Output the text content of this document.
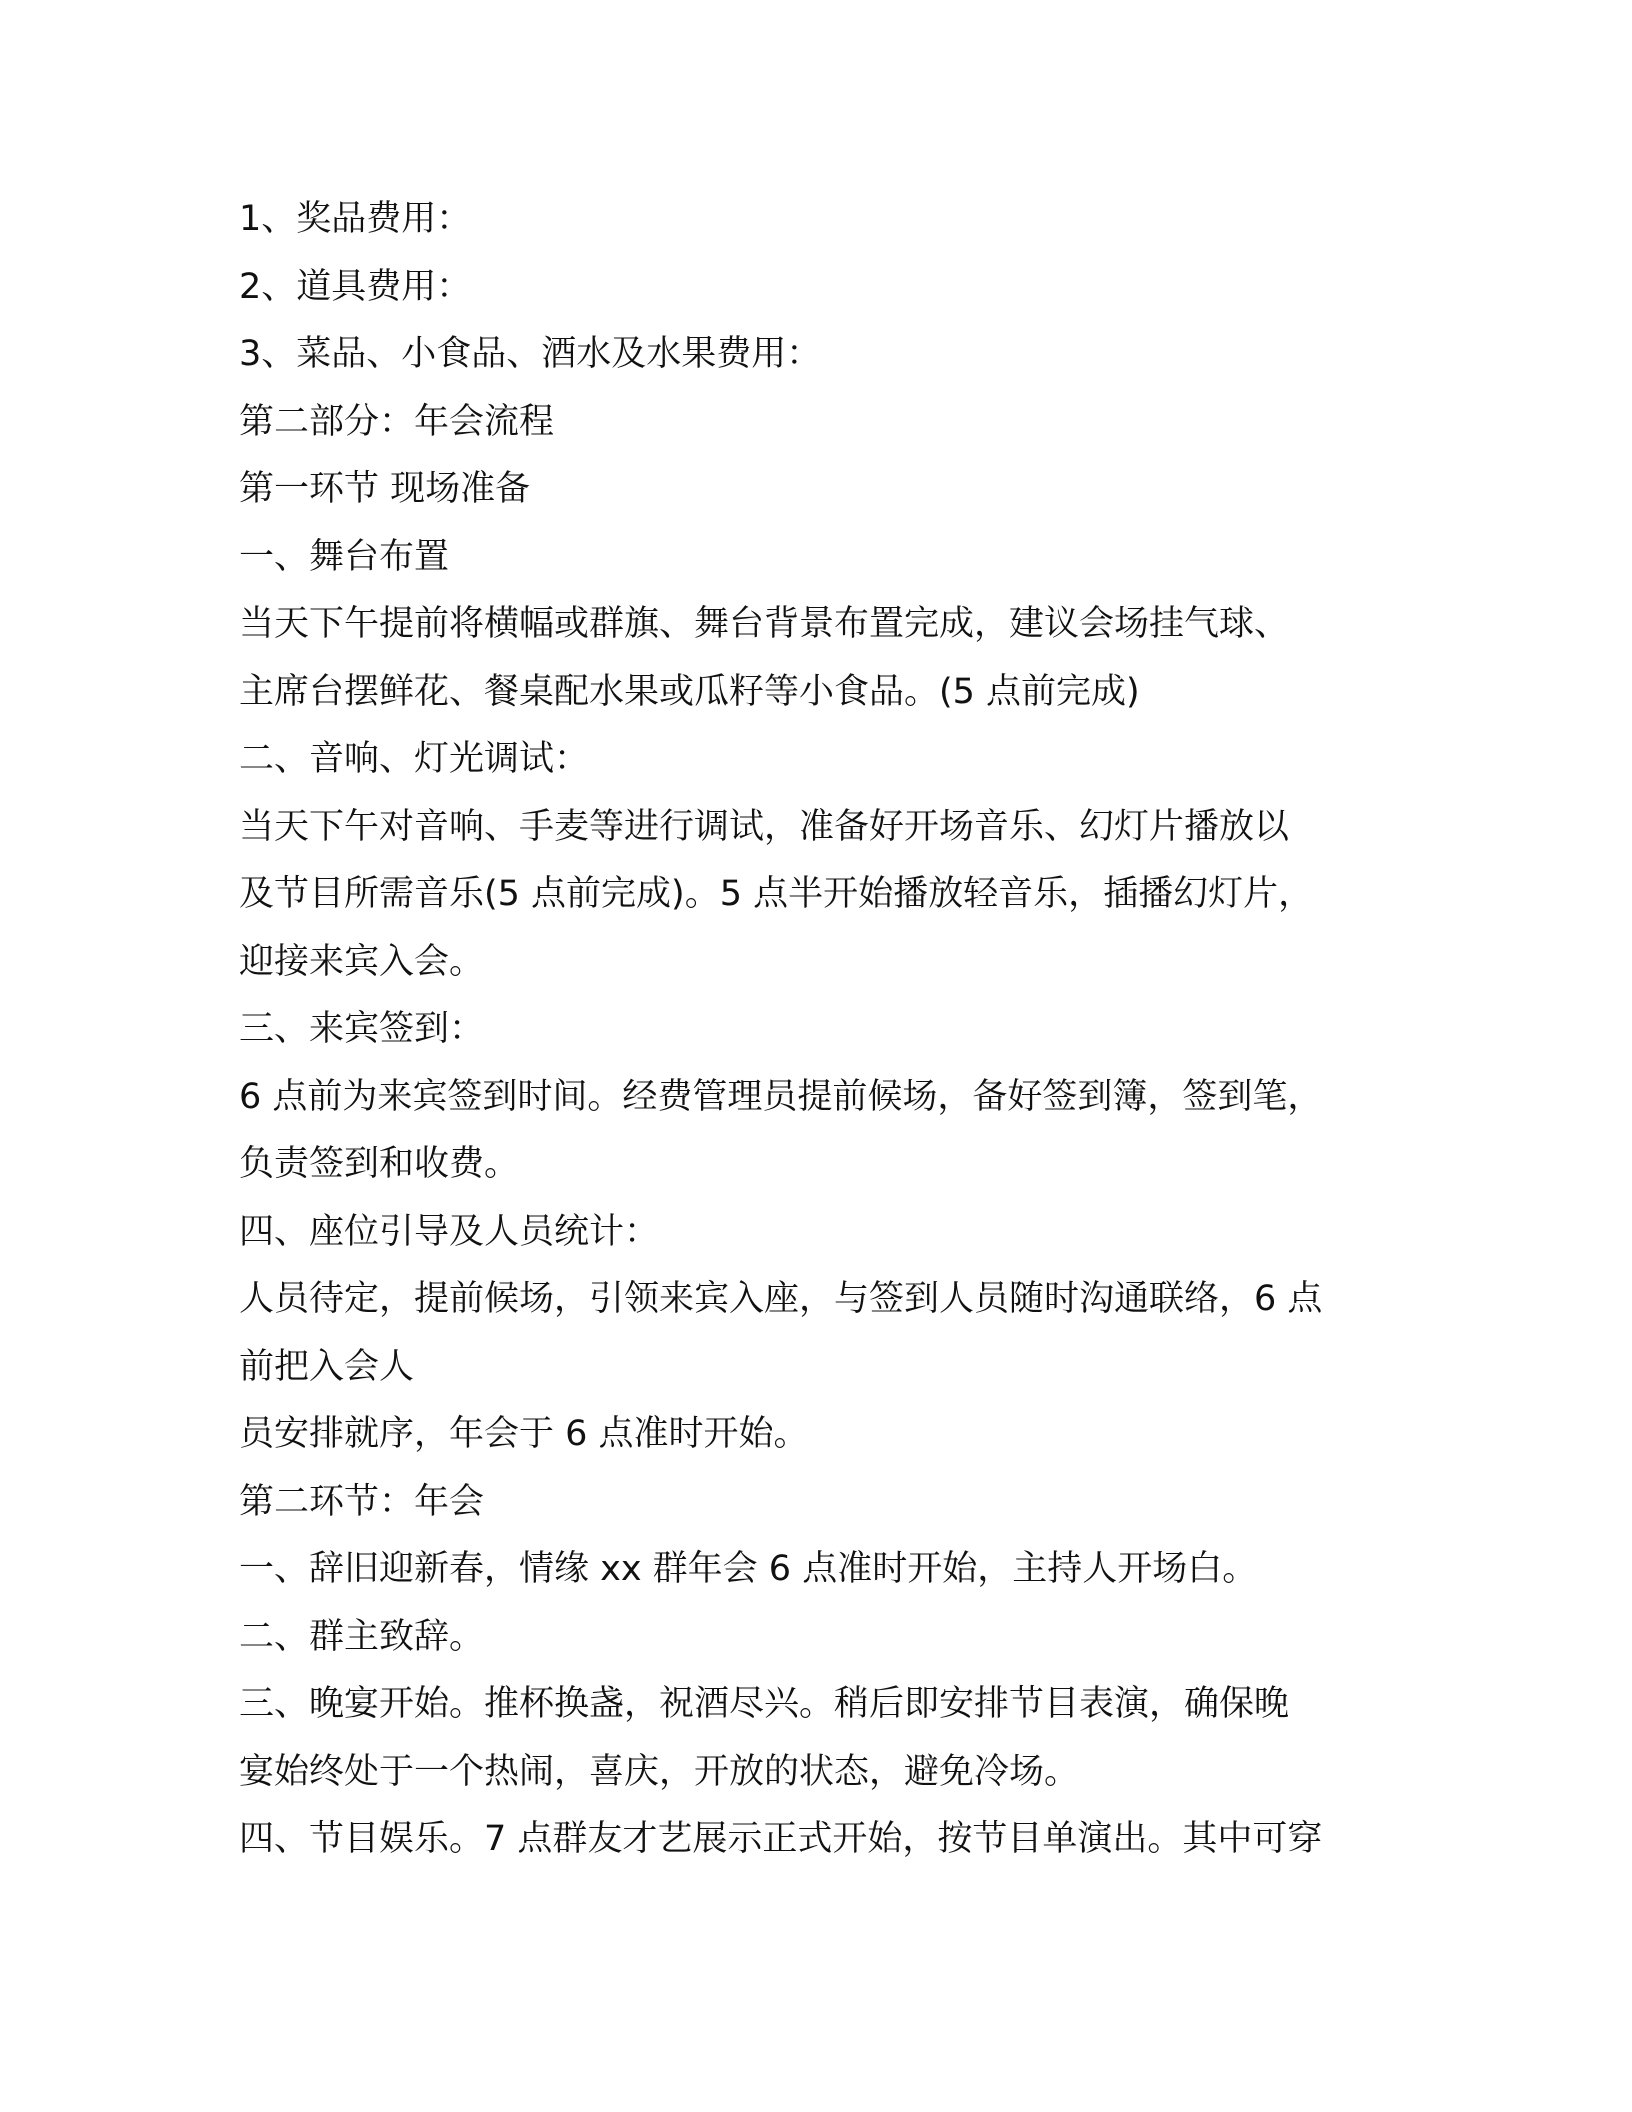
1、奖品费用：
2、道具费用：
3、菜品、小食品、酒水及水果费用：
第二部分：年会流程
第一环节 现场准备
一、舞台布置
当天下午提前将横幅或群旗、舞台背景布置完成，建议会场挂气球、
主席台摆鲜花、餐桌配水果或瓜籽等小食品。(5 点前完成)
二、音响、灯光调试：
当天下午对音响、手麦等进行调试，准备好开场音乐、幻灯片播放以
及节目所需音乐(5 点前完成)。5 点半开始播放轻音乐，插播幻灯片，
迎接来宾入会。
三、来宾签到：
6 点前为来宾签到时间。经费管理员提前候场，备好签到簿，签到笔，
负责签到和收费。
四、座位引导及人员统计：
人员待定，提前候场，引领来宾入座，与签到人员随时沟通联络，6 点
前把入会人
员安排就序，年会于 6 点准时开始。
第二环节：年会
一、辞旧迎新春，情缘 xx 群年会 6 点准时开始，主持人开场白。
二、群主致辞。
三、晚宴开始。推杯换盏，祝酒尽兴。稍后即安排节目表演，确保晚
宴始终处于一个热闹，喜庆，开放的状态，避免冷场。
四、节目娱乐。7 点群友才艺展示正式开始，按节目单演出。其中可穿
